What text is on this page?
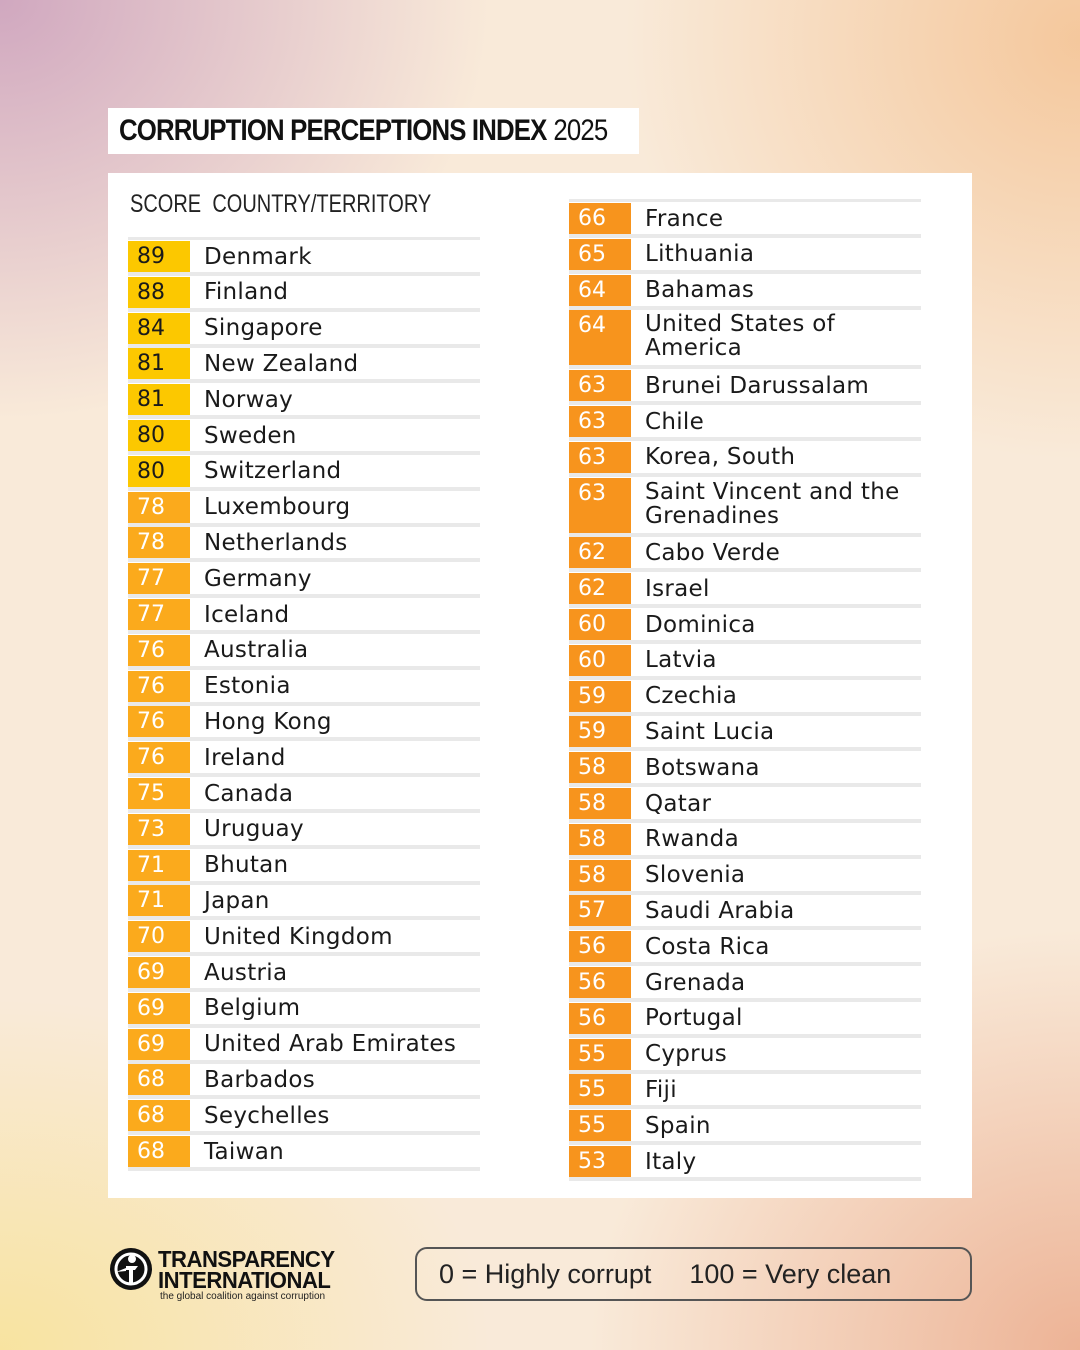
CORRUPTION PERCEPTIONS INDEX 2025
89	Denmark
88	Finland
84	Singapore
81	New Zealand
81	Norway
80	Sweden
80	Switzerland
78	Luxembourg
78	Netherlands
77	Germany
77	Iceland
76	Australia
76	Estonia
76	Hong Kong
76	Ireland
75	Canada
73	Uruguay
71	Bhutan
71	Japan
70	United Kingdom
69	Austria
69	Belgium
69	United Arab Emirates
68	Barbados
68	Seychelles
68	Taiwan
66	France
65	Lithuania
64	Bahamas
64	United States of America
63	Brunei Darussalam
63	Chile
63	Korea, South
63	Saint Vincent and the Grenadines
62	Cabo Verde
62	Israel
60	Dominica
60	Latvia
59	Czechia
59	Saint Lucia
58	Botswana
58	Qatar
58	Rwanda
58	Slovenia
57	Saudi Arabia
56	Costa Rica
56	Grenada
56	Portugal
55	Cyprus
55	Fiji
55	Spain
53	Italy
SCORE COUNTRY/TERRITORY
TRANSPARENCY
INTERNATIONAL
the global coalition against corruption
0 = Highly corrupt 100 = Very clean
